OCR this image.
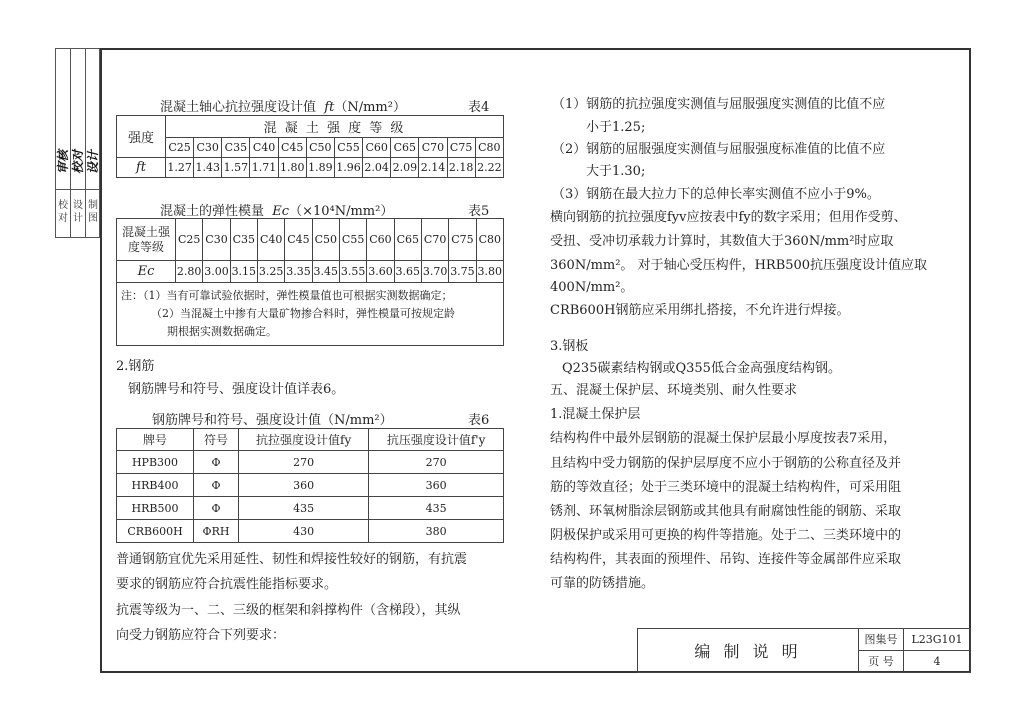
校
对
设
计
制
图
审核 校对 设计
混凝土轴心抗拉强度设计值 ft（N/mm²）	表4
强度	混 凝 土 强 度 等 级											
	C25	C30	C35	C40	C45	C50	C55	C60	C65	C70	C75	C80
ft	1.27	1.43	1.57	1.71	1.80	1.89	1.96	2.04	2.09	2.14	2.18	2.22
混凝土的弹性模量 Ec（×10⁴N/mm²）	表5
混凝土强度等级	C25	C30	C35	C40	C45	C50	C55	C60	C65	C70	C75	C80
Ec	2.80	3.00	3.15	3.25	3.35	3.45	3.55	3.60	3.65	3.70	3.75	3.80

注：（1）当有可靠试验依据时，弹性模量值也可根据实测数据确定；
（2）当混凝土中掺有大量矿物掺合料时，弹性模量可按规定龄
期根据实测数据确定。												
2.钢筋
钢筋牌号和符号、强度设计值详表6。
钢筋牌号和符号、强度设计值（N/mm²）	表6
牌号	符号	抗拉强度设计值fy	抗压强度设计值f'y
HPB300	Φ	270	270
HRB400	Φ	360	360
HRB500	Φ	435	435
CRB600H	ΦRH	430	380
普通钢筋宜优先采用延性、韧性和焊接性较好的钢筋，有抗震
要求的钢筋应符合抗震性能指标要求。
抗震等级为一、二、三级的框架和斜撑构件（含梯段），其纵
向受力钢筋应符合下列要求：
（1）钢筋的抗拉强度实测值与屈服强度实测值的比值不应
小于1.25;
（2）钢筋的屈服强度实测值与屈服强度标准值的比值不应
大于1.30;
（3）钢筋在最大拉力下的总伸长率实测值不应小于9%。
横向钢筋的抗拉强度fyv应按表中fy的数字采用；但用作受剪、
受扭、受冲切承载力计算时，其数值大于360N/mm²时应取
360N/mm²。 对于轴心受压构件，HRB500抗压强度设计值应取
400N/mm²。
CRB600H钢筋应采用绑扎搭接，不允许进行焊接。
3.钢板
Q235碳素结构钢或Q355低合金高强度结构钢。
五、混凝土保护层、环境类别、耐久性要求
1.混凝土保护层
结构构件中最外层钢筋的混凝土保护层最小厚度按表7采用，
且结构中受力钢筋的保护层厚度不应小于钢筋的公称直径及并
筋的等效直径；处于三类环境中的混凝土结构构件，可采用阻
锈剂、环氧树脂涂层钢筋或其他具有耐腐蚀性能的钢筋、采取
阴极保护或采用可更换的构件等措施。处于二、三类环境中的
结构构件，其表面的预埋件、吊钩、连接件等金属部件应采取
可靠的防锈措施。
编 制 说 明
图集号	L23G101
页 号	4
